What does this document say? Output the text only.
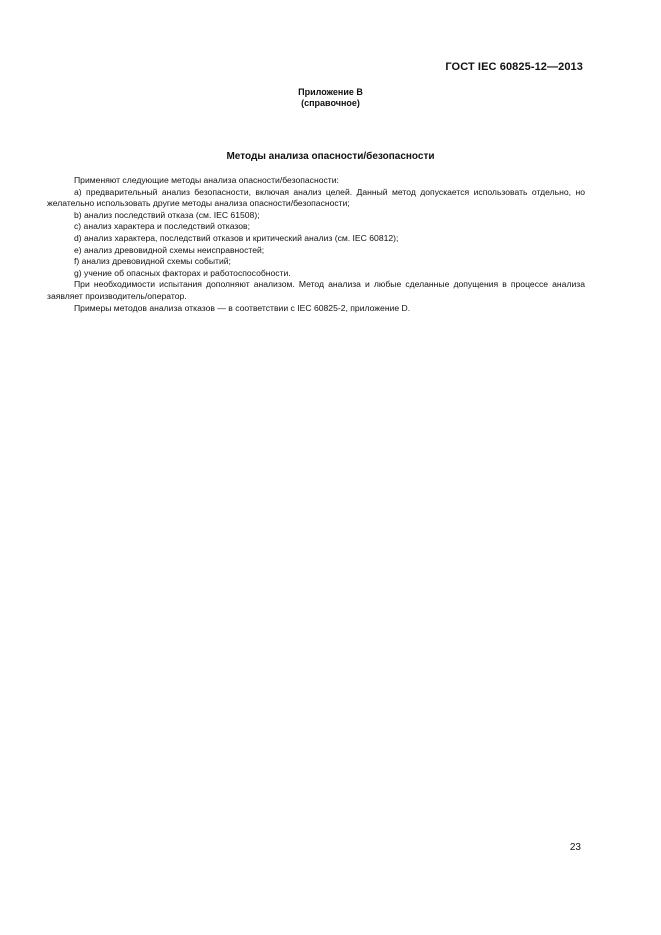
ГОСТ IEC 60825-12—2013
Приложение В
(справочное)
Методы анализа опасности/безопасности

Применяют следующие методы анализа опасности/безопасности:

а) предварительный анализ безопасности, включая анализ целей. Данный метод допускается использовать отдельно, но желательно использовать другие методы анализа опасности/безопасности;

b) анализ последствий отказа (см. IEC 61508);

с) анализ характера и последствий отказов;

d) анализ характера, последствий отказов и критический анализ (см. IEC 60812);

е) анализ древовидной схемы неисправностей;

f) анализ древовидной схемы событий;

g) учение об опасных факторах и работоспособности.

При необходимости испытания дополняют анализом. Метод анализа и любые сделанные допущения в процессе анализа заявляет производитель/оператор.

Примеры методов анализа отказов — в соответствии с IEC 60825-2, приложение D.

23
